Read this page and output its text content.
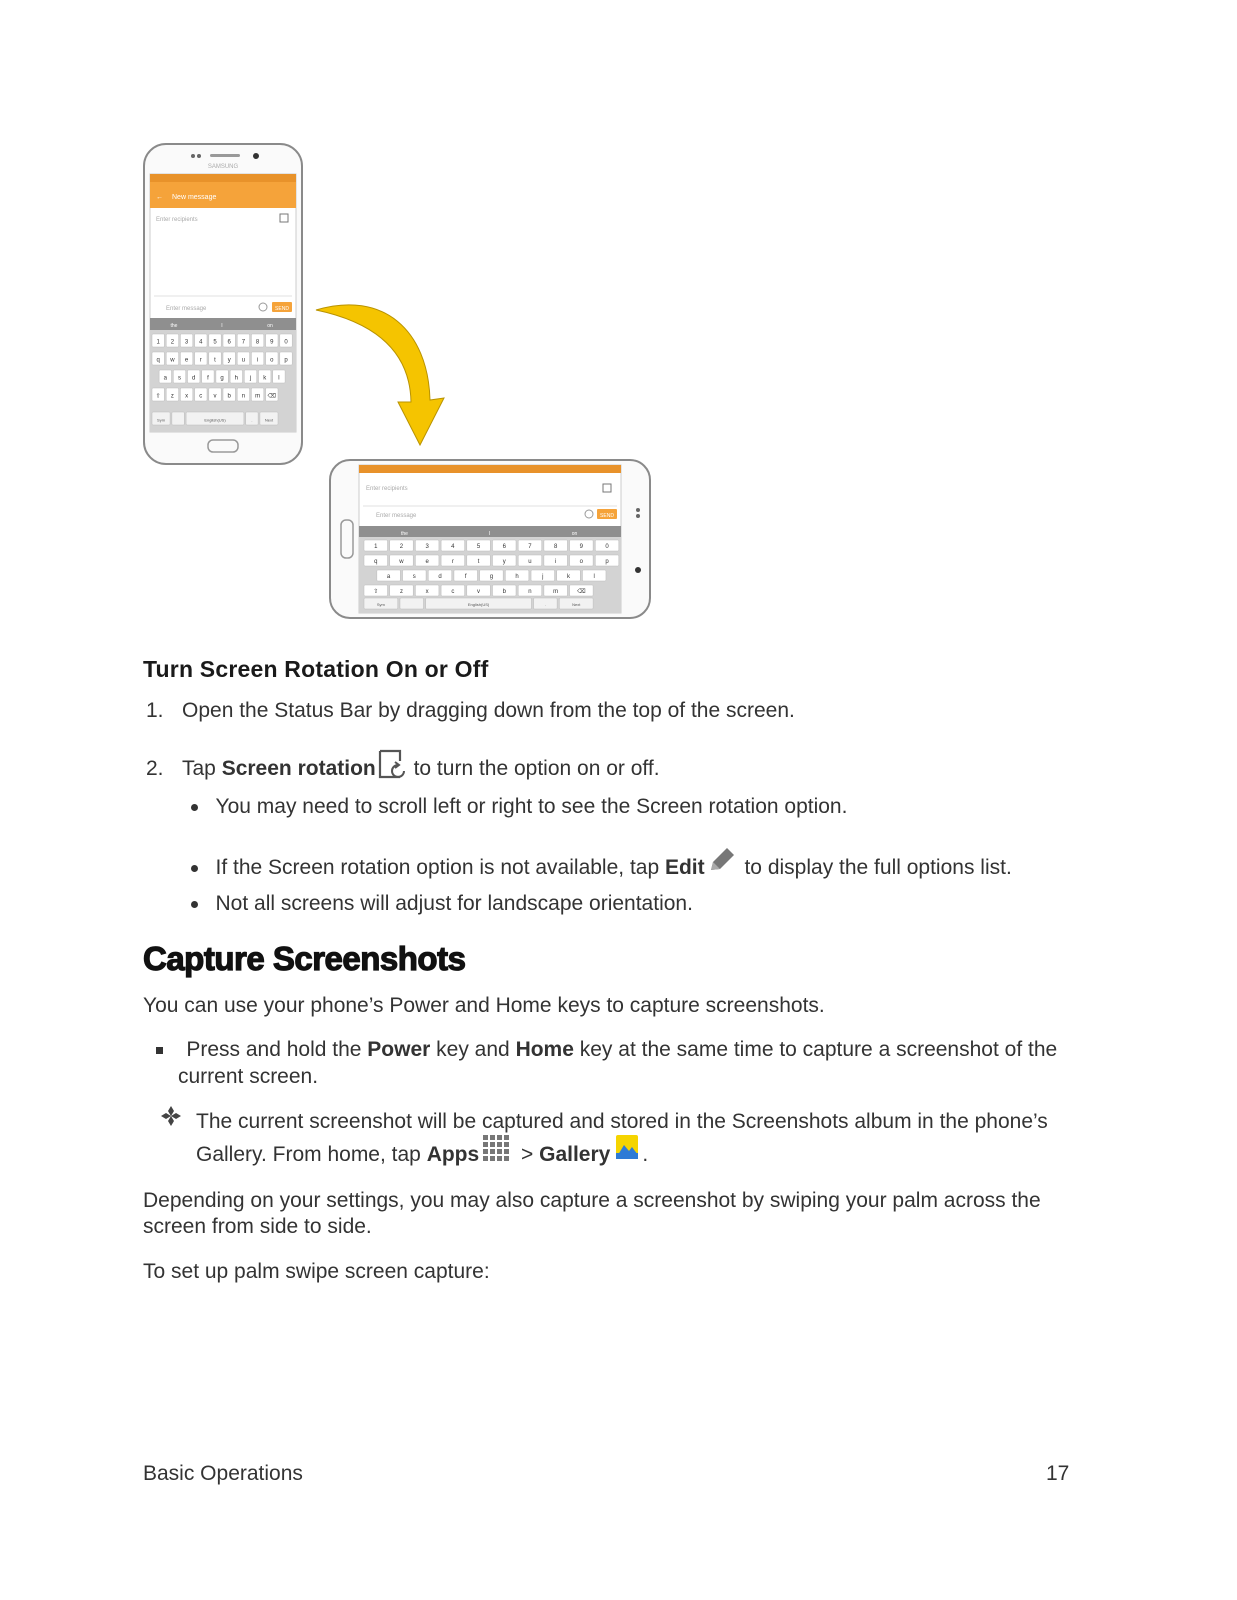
SAMSUNG
New message
←
Enter recipients
Enter message	SEND
the	I	on
1 2 3 4 5 6 7 8 9 0
q w e r t y u i o p
a s d f g h j k l
⇧ z x c v b n m ⌫
Sym	English(US)	.	Next
Enter recipients
Enter message	SEND
the	I	on
1	2	3	4	5	6	7	8	9	0
q	w	e	r	t	y	u	i	o	p
a	s	d	f	g	h	j	k	l
⇧	z	x	c	v	b	n	m	⌫
Sym	English(US)	.	Next
Turn Screen Rotation On or Off
1. Open the Status Bar by dragging down from the top of the screen.
2. Tap Screen rotation to turn the option on or off.
You may need to scroll left or right to see the Screen rotation option.
If the Screen rotation option is not available, tap Edit to display the full options list.
Not all screens will adjust for landscape orientation.
Capture Screenshots
You can use your phone’s Power and Home keys to capture screenshots.
Press and hold the Power key and Home key at the same time to capture a screenshot of the
current screen.
The current screenshot will be captured and stored in the Screenshots album in the phone’s
Gallery. From home, tap Apps > Gallery .
Depending on your settings, you may also capture a screenshot by swiping your palm across the
screen from side to side.
To set up palm swipe screen capture:
Basic Operations	17
